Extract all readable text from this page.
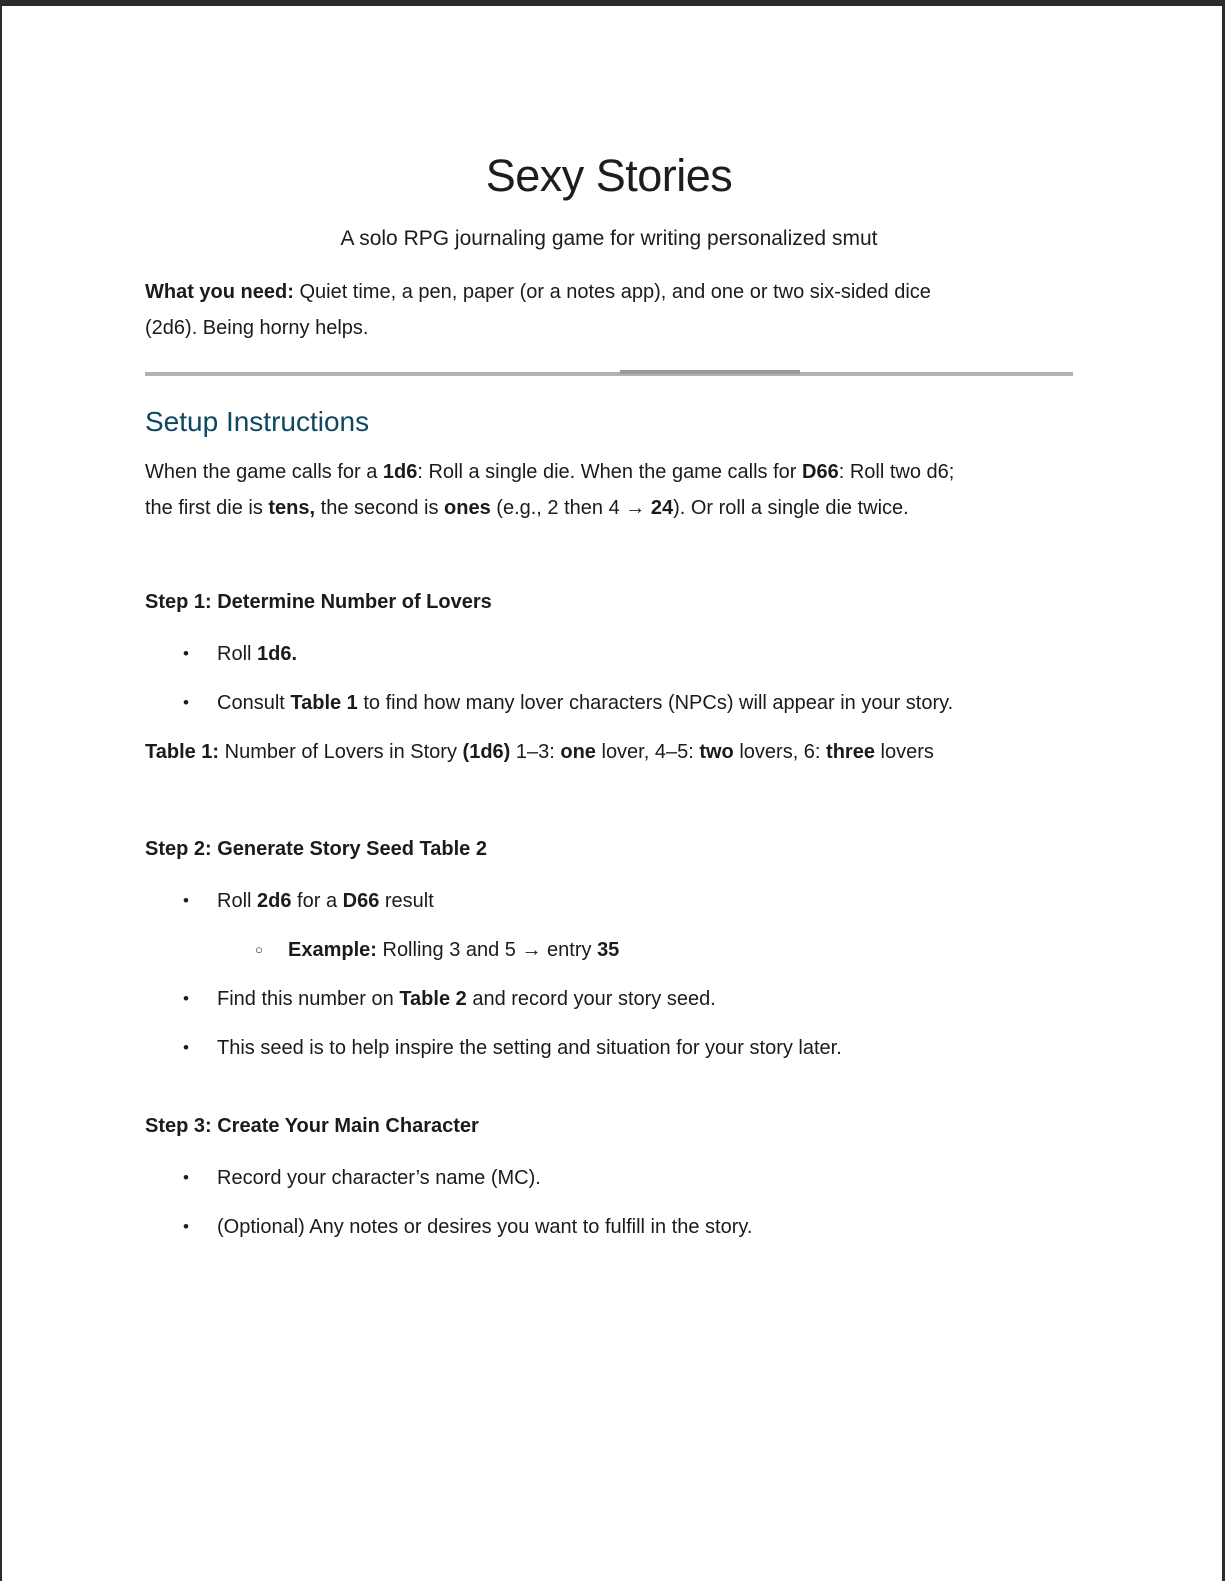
Sexy Stories

A solo RPG journaling game for writing personalized smut

What you need: Quiet time, a pen, paper (or a notes app), and one or two six-sided dice
(2d6). Being horny helps.
Setup Instructions
When the game calls for a 1d6: Roll a single die. When the game calls for D66: Roll two d6;
the first die is tens, the second is ones (e.g., 2 then 4 → 24). Or roll a single die twice.
Step 1: Determine Number of Lovers
•	Roll 1d6.
•	Consult Table 1 to find how many lover characters (NPCs) will appear in your story.

Table 1: Number of Lovers in Story (1d6) 1–3: one lover, 4–5: two lovers, 6: three lovers

Step 2: Generate Story Seed Table 2
•	Roll 2d6 for a D66 result
○	Example: Rolling 3 and 5 → entry 35
•	Find this number on Table 2 and record your story seed.
•	This seed is to help inspire the setting and situation for your story later.
Step 3: Create Your Main Character
•	Record your character’s name (MC).
•	(Optional) Any notes or desires you want to fulfill in the story.
